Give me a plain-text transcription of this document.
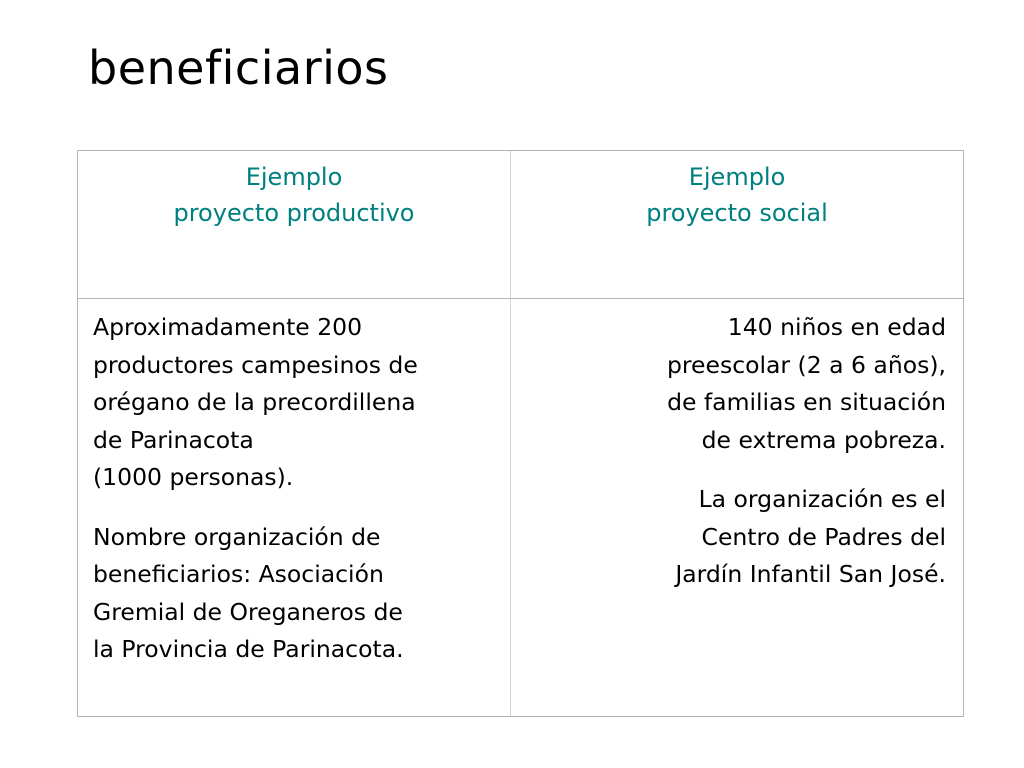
beneficiarios
Ejemplo
proyecto productivo
Ejemplo
proyecto social

Aproximadamente 200
productores campesinos de
orégano de la precordillena
de Parinacota
(1000 personas).

Nombre organización de
beneficiarios: Asociación
Gremial de Oreganeros de
la Provincia de Parinacota.

140 niños en edad
preescolar (2 a 6 años),
de familias en situación
de extrema pobreza.

La organización es el
Centro de Padres del
Jardín Infantil San José.
